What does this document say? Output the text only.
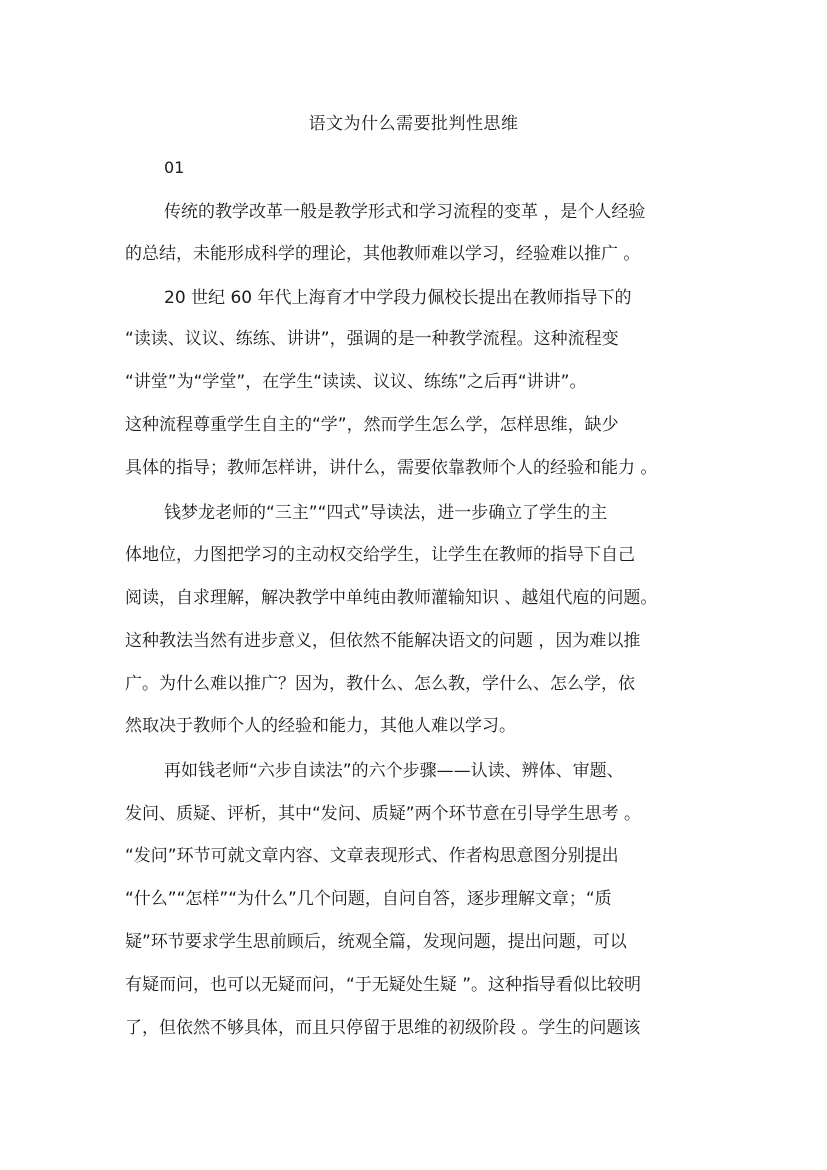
语文为什么需要批判性思维
01
传统的教学改革一般是教学形式和学习流程的变革 ，是个人经验
的总结，未能形成科学的理论，其他教师难以学习，经验难以推广 。
20 世纪 60 年代上海育才中学段力佩校长提出在教师指导下的
“读读、议议、练练、讲讲”，强调的是一种教学流程。这种流程变
“讲堂”为“学堂”，在学生“读读、议议、练练”之后再“讲讲”。
这种流程尊重学生自主的“学”，然而学生怎么学，怎样思维，缺少
具体的指导；教师怎样讲，讲什么，需要依靠教师个人的经验和能力 。
钱梦龙老师的“三主”“四式”导读法，进一步确立了学生的主
体地位，力图把学习的主动权交给学生，让学生在教师的指导下自己
阅读，自求理解，解决教学中单纯由教师灌输知识 、越俎代庖的问题。
这种教法当然有进步意义，但依然不能解决语文的问题 ，因为难以推
广。为什么难以推广？因为，教什么、怎么教，学什么、怎么学，依
然取决于教师个人的经验和能力，其他人难以学习。
再如钱老师“六步自读法”的六个步骤——认读、辨体、审题、
发问、质疑、评析，其中“发问、质疑”两个环节意在引导学生思考 。
“发问”环节可就文章内容、文章表现形式、作者构思意图分别提出
“什么”“怎样”“为什么”几个问题，自问自答，逐步理解文章；“质
疑”环节要求学生思前顾后，统观全篇，发现问题，提出问题，可以
有疑而问，也可以无疑而问，“于无疑处生疑 ”。这种指导看似比较明
了，但依然不够具体，而且只停留于思维的初级阶段 。学生的问题该
